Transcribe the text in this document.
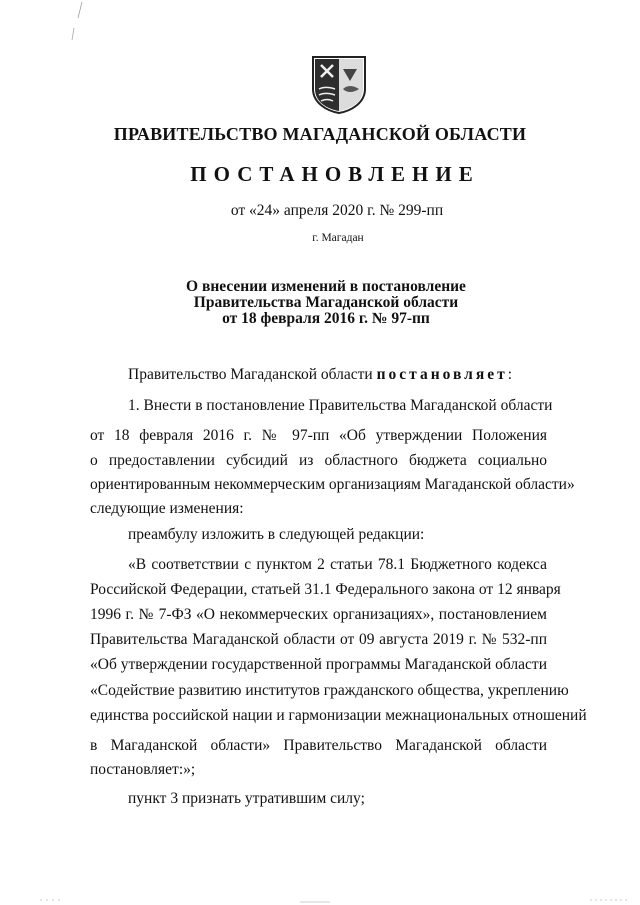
ПРАВИТЕЛЬСТВО МАГАДАНСКОЙ ОБЛАСТИ
ПОСТАНОВЛЕНИЕ
от «24» апреля 2020 г. № 299-пп
г. Магадан
О внесении изменений в постановление
Правительства Магаданской области
от 18 февраля 2016 г. № 97-пп
Правительство Магаданской области постановляет:
1. Внести в постановление Правительства Магаданской области
от 18 февраля 2016 г. № 97-пп «Об утверждении Положения
о предоставлении субсидий из областного бюджета социально
ориентированным некоммерческим организациям Магаданской области»
следующие изменения:
преамбулу изложить в следующей редакции:
«В соответствии с пунктом 2 статьи 78.1 Бюджетного кодекса
Российской Федерации, статьей 31.1 Федерального закона от 12 января
1996 г. № 7-ФЗ «О некоммерческих организациях», постановлением
Правительства Магаданской области от 09 августа 2019 г. № 532-пп
«Об утверждении государственной программы Магаданской области
«Содействие развитию институтов гражданского общества, укреплению
единства российской нации и гармонизации межнациональных отношений
в Магаданской области» Правительство Магаданской области
постановляет:»;
пункт 3 признать утратившим силу;
